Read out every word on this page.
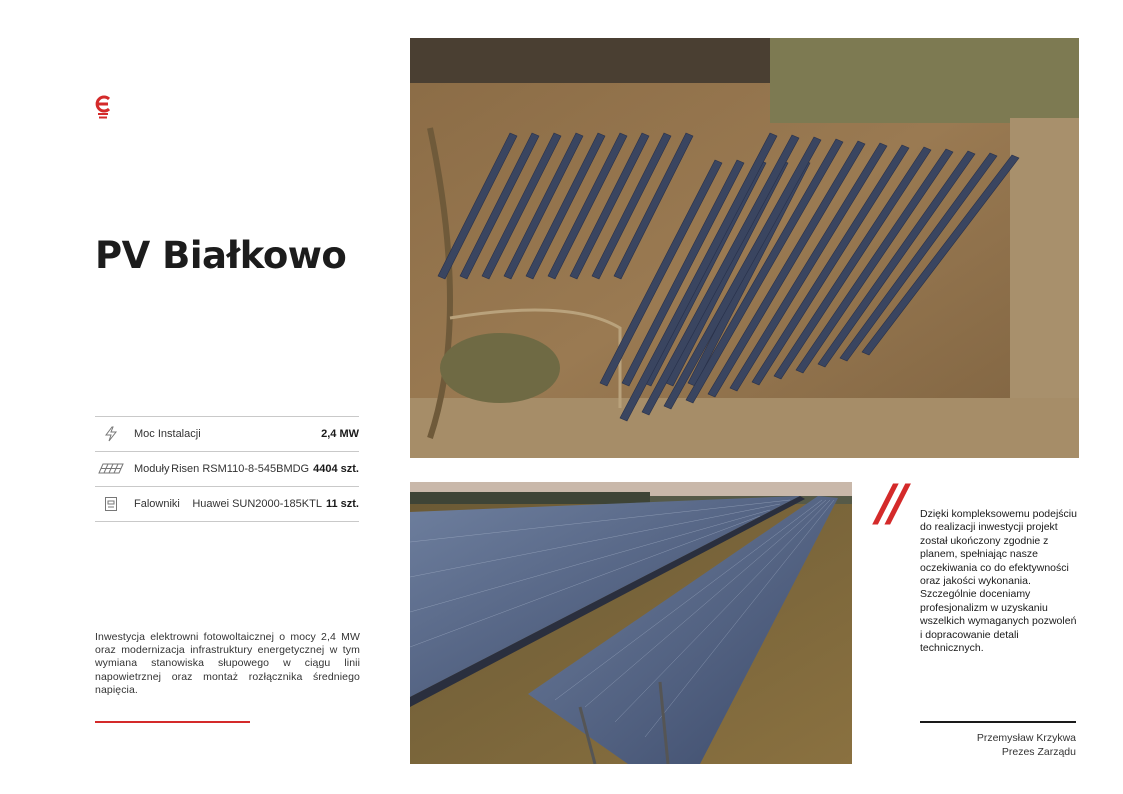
PV Białkowo
Moc Instalacji	2,4 MW
Moduły Risen RSM110-8-545BMDG 4404 szt.
Falowniki	Huawei SUN2000-185KTL 11 szt.

Inwestycja elektrowni fotowoltaicznej o mocy 2,4 MW oraz modernizacja infrastruktury energetycznej w tym wymiana stanowiska słupowego w ciągu linii napowietrznej oraz montaż rozłącznika średniego napięcia.

// Dzięki kompleksowemu podejściu do realizacji inwestycji projekt został ukończony zgodnie z planem, spełniając nasze oczekiwania co do efektywności oraz jakości wykonania. Szczególnie doceniamy profesjonalizm w uzyskaniu wszelkich wymaganych pozwoleń i dopracowanie detali technicznych.

Przemysław Krzykwa
Prezes Zarządu
